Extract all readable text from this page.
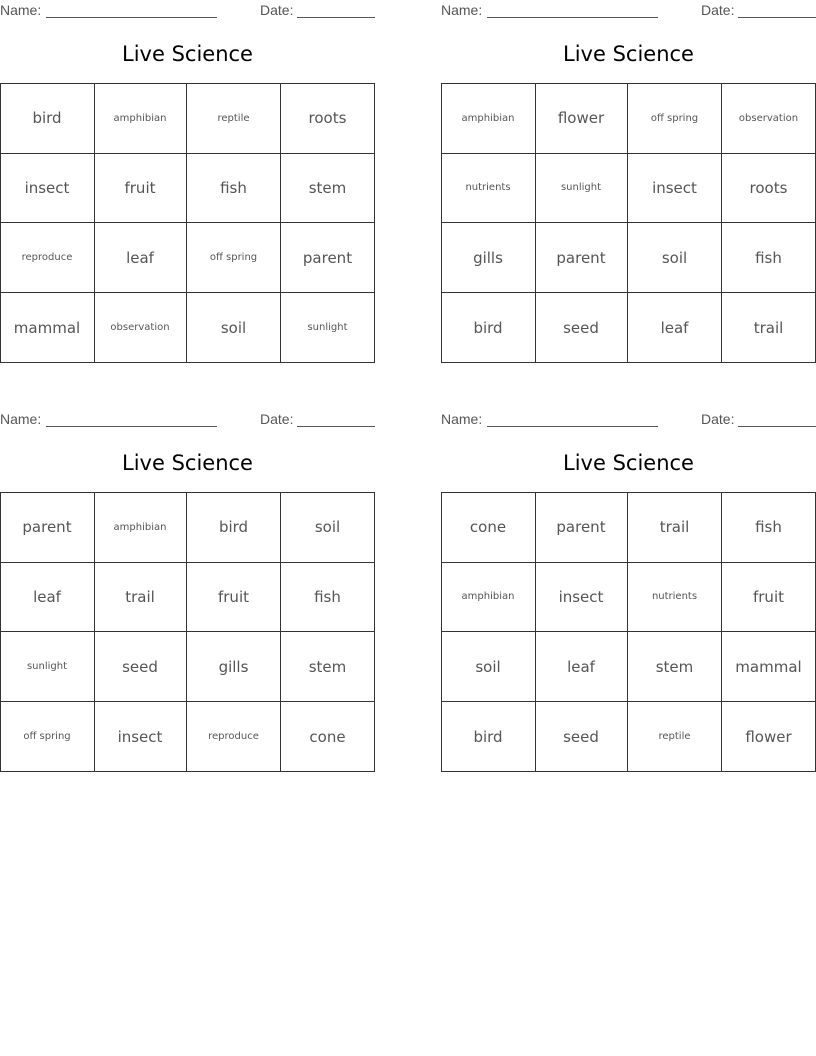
Name:	Date:
Live Science
bird	amphibian	reptile	roots
insect	fruit	fish	stem
reproduce	leaf	off spring	parent
mammal	observation	soil	sunlight
Name:	Date:
Live Science
amphibian	flower	off spring	observation
nutrients	sunlight	insect	roots
gills	parent	soil	fish
bird	seed	leaf	trail
Name:	Date:
Live Science
parent	amphibian	bird	soil
leaf	trail	fruit	fish
sunlight	seed	gills	stem
off spring	insect	reproduce	cone
Name:	Date:
Live Science
cone	parent	trail	fish
amphibian	insect	nutrients	fruit
soil	leaf	stem	mammal
bird	seed	reptile	flower
